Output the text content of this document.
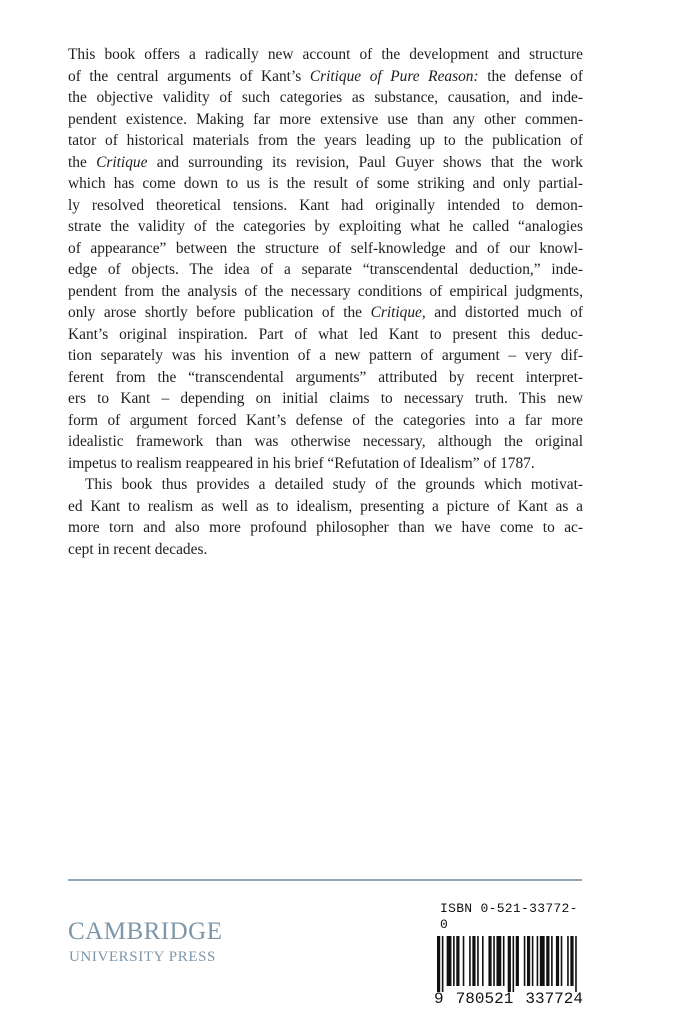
This book offers a radically new account of the development and structure
of the central arguments of Kant’s Critique of Pure Reason: the defense of
the objective validity of such categories as substance, causation, and inde-
pendent existence. Making far more extensive use than any other commen-
tator of historical materials from the years leading up to the publication of
the Critique and surrounding its revision, Paul Guyer shows that the work
which has come down to us is the result of some striking and only partial-
ly resolved theoretical tensions. Kant had originally intended to demon-
strate the validity of the categories by exploiting what he called “analogies
of appearance” between the structure of self-knowledge and of our knowl-
edge of objects. The idea of a separate “transcendental deduction,” inde-
pendent from the analysis of the necessary conditions of empirical judgments,
only arose shortly before publication of the Critique, and distorted much of
Kant’s original inspiration. Part of what led Kant to present this deduc-
tion separately was his invention of a new pattern of argument – very dif-
ferent from the “transcendental arguments” attributed by recent interpret-
ers to Kant – depending on initial claims to necessary truth. This new
form of argument forced Kant’s defense of the categories into a far more
idealistic framework than was otherwise necessary, although the original
impetus to realism reappeared in his brief “Refutation of Idealism” of 1787.
This book thus provides a detailed study of the grounds which motivat-
ed Kant to realism as well as to idealism, presenting a picture of Kant as a
more torn and also more profound philosopher than we have come to ac-
cept in recent decades.
CAMBRIDGE
UNIVERSITY PRESS
ISBN 0-521-33772-0
9 780521 337724
